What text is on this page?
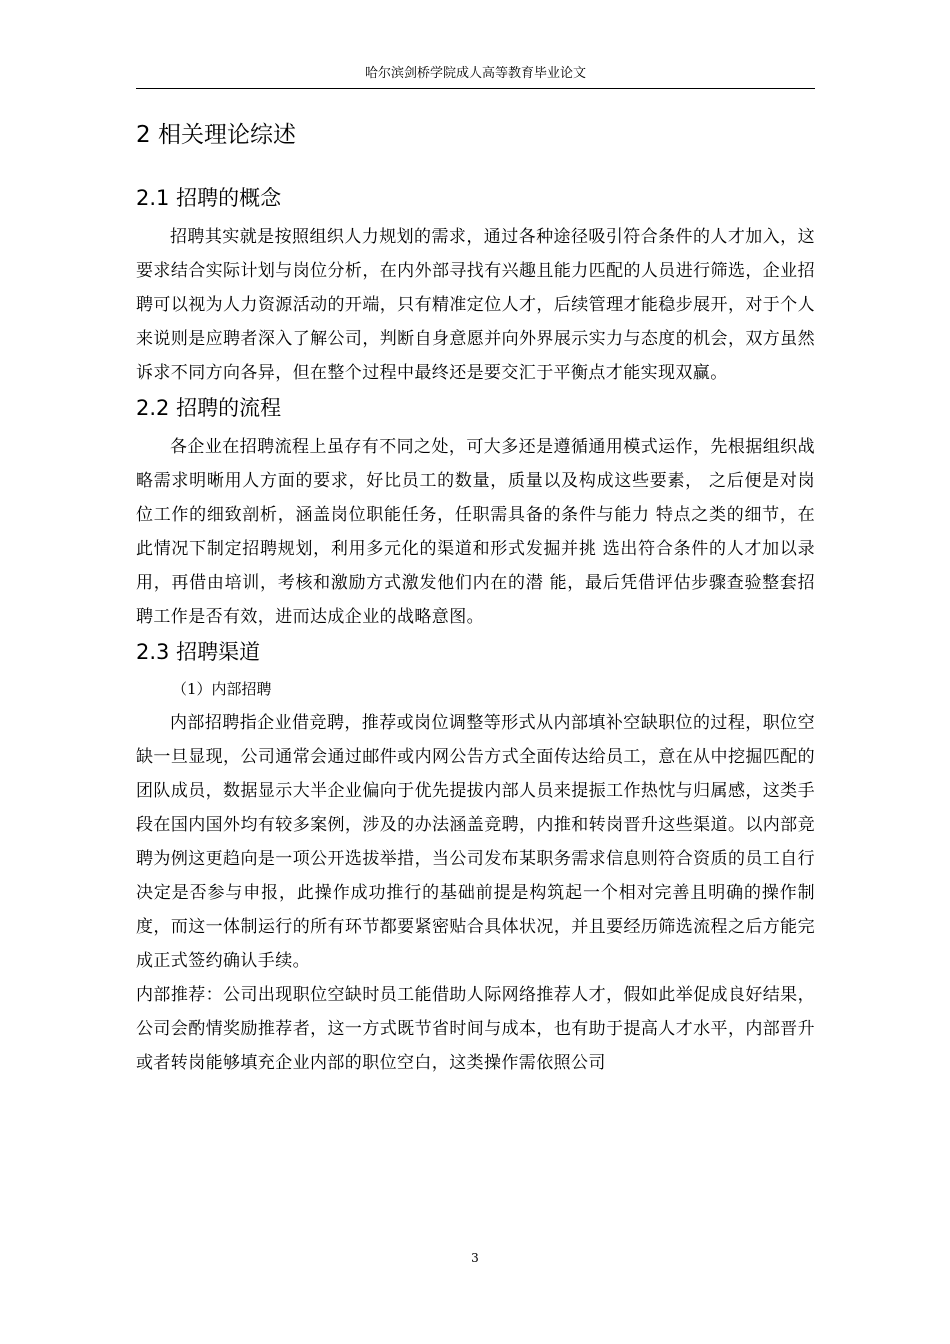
哈尔滨剑桥学院成人高等教育毕业论文
2 相关理论综述
2.1 招聘的概念

招聘其实就是按照组织人力规划的需求，通过各种途径吸引符合条件的人才加入，这要求结合实际计划与岗位分析，在内外部寻找有兴趣且能力匹配的人员进行筛选，企业招聘可以视为人力资源活动的开端，只有精准定位人才，后续管理才能稳步展开，对于个人来说则是应聘者深入了解公司，判断自身意愿并向外界展示实力与态度的机会，双方虽然诉求不同方向各异，但在整个过程中最终还是要交汇于平衡点才能实现双赢。

2.2 招聘的流程

各企业在招聘流程上虽存有不同之处，可大多还是遵循通用模式运作，先根据组织战略需求明晰用人方面的要求，好比员工的数量，质量以及构成这些要素， 之后便是对岗位工作的细致剖析，涵盖岗位职能任务，任职需具备的条件与能力 特点之类的细节，在此情况下制定招聘规划，利用多元化的渠道和形式发掘并挑 选出符合条件的人才加以录用，再借由培训，考核和激励方式激发他们内在的潜 能，最后凭借评估步骤查验整套招聘工作是否有效，进而达成企业的战略意图。

2.3 招聘渠道
（1）内部招聘

内部招聘指企业借竞聘，推荐或岗位调整等形式从内部填补空缺职位的过程，职位空缺一旦显现，公司通常会通过邮件或内网公告方式全面传达给员工，意在从中挖掘匹配的团队成员，数据显示大半企业偏向于优先提拔内部人员来提振工作热忱与归属感，这类手段在国内国外均有较多案例，涉及的办法涵盖竞聘，内推和转岗晋升这些渠道。以内部竞聘为例这更趋向是一项公开选拔举措，当公司发布某职务需求信息则符合资质的员工自行决定是否参与申报，此操作成功推行的基础前提是构筑起一个相对完善且明确的操作制度，而这一体制运行的所有环节都要紧密贴合具体状况，并且要经历筛选流程之后方能完成正式签约确认手续。

内部推荐：公司出现职位空缺时员工能借助人际网络推荐人才，假如此举促成良好结果，公司会酌情奖励推荐者，这一方式既节省时间与成本，也有助于提高人才水平，内部晋升或者转岗能够填充企业内部的职位空白，这类操作需依照公司

3
